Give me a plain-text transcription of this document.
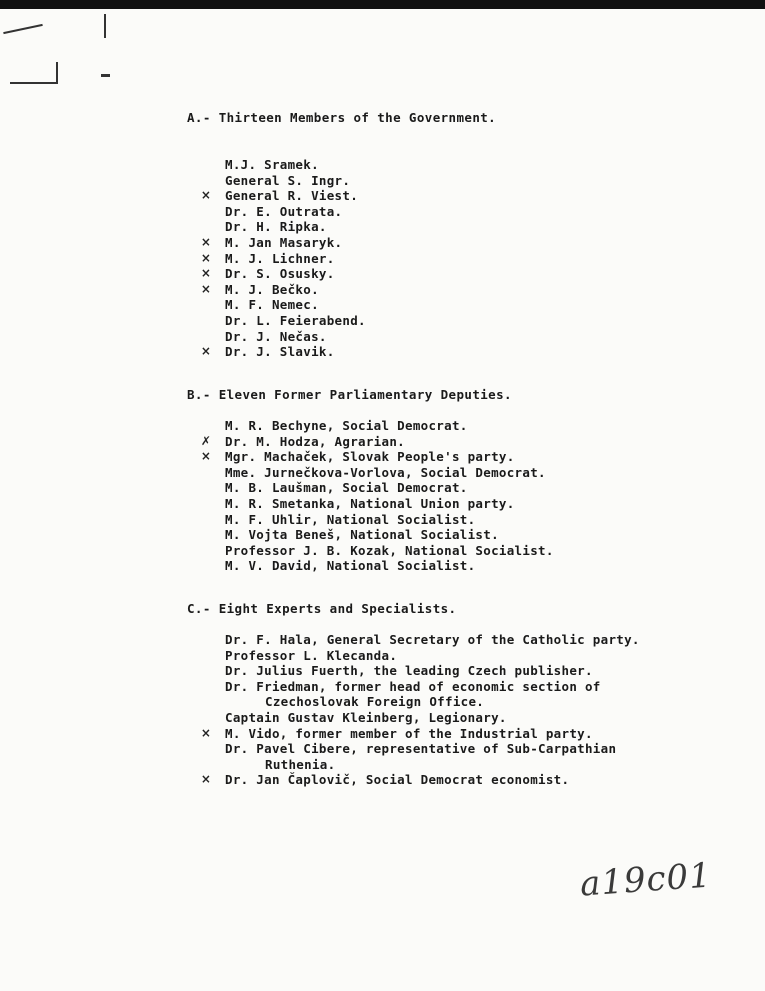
A.- Thirteen Members of the Government.
M.J. Sramek.
General S. Ingr.
× General R. Viest.
Dr. E. Outrata.
Dr. H. Ripka.
× M. Jan Masaryk.
× M. J. Lichner.
× Dr. S. Osusky.
× M. J. Bečko.
M. F. Nemec.
Dr. L. Feierabend.
Dr. J. Nečas.
× Dr. J. Slavik.
B.- Eleven Former Parliamentary Deputies.
M. R. Bechyne, Social Democrat.
✗ Dr. M. Hodza, Agrarian.
× Mgr. Machaček, Slovak People's party.
Mme. Jurnečkova-Vorlova, Social Democrat.
M. B. Laušman, Social Democrat.
M. R. Smetanka, National Union party.
M. F. Uhlir, National Socialist.
M. Vojta Beneš, National Socialist.
Professor J. B. Kozak, National Socialist.
M. V. David, National Socialist.
C.- Eight Experts and Specialists.
Dr. F. Hala, General Secretary of the Catholic party.
Professor L. Klecanda.
Dr. Julius Fuerth, the leading Czech publisher.
Dr. Friedman, former head of economic section of
Czechoslovak Foreign Office.
Captain Gustav Kleinberg, Legionary.
× M. Vido, former member of the Industrial party.
Dr. Pavel Cibere, representative of Sub-Carpathian
Ruthenia.
× Dr. Jan Čaplovič, Social Democrat economist.
a19c01
